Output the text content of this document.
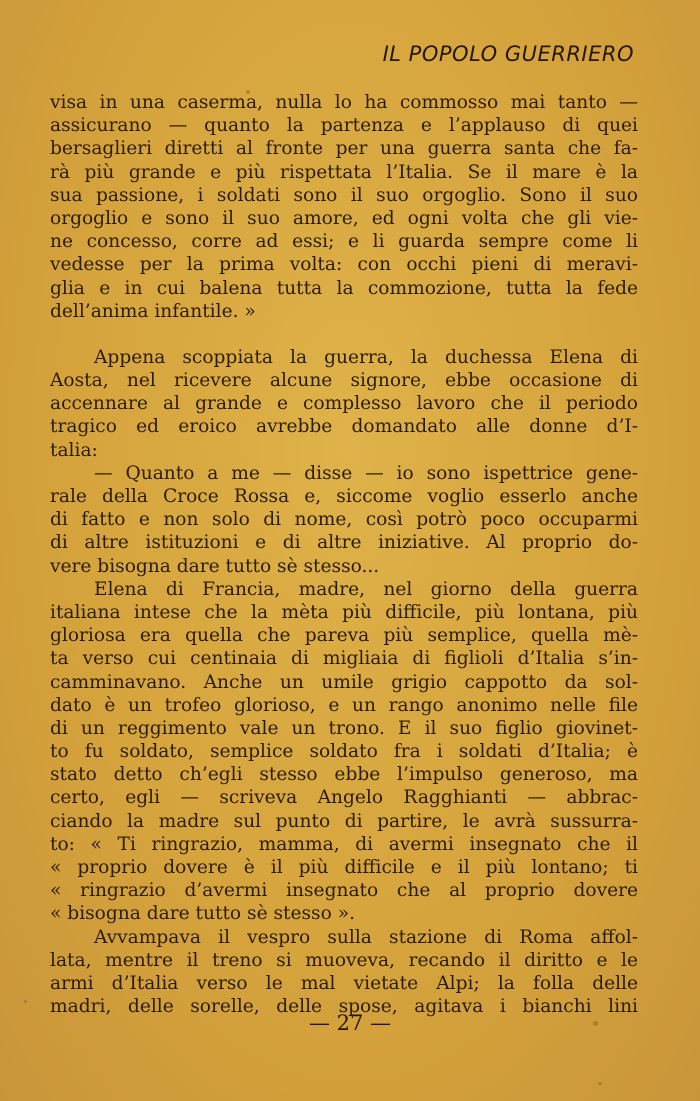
IL POPOLO GUERRIERO
visa in una caserma, nulla lo ha commosso mai tanto —
assicurano — quanto la partenza e l’applauso di quei
bersaglieri diretti al fronte per una guerra santa che fa-
rà più grande e più rispettata l’Italia. Se il mare è la
sua passione, i soldati sono il suo orgoglio. Sono il suo
orgoglio e sono il suo amore, ed ogni volta che gli vie-
ne concesso, corre ad essi; e li guarda sempre come li
vedesse per la prima volta: con occhi pieni di meravi-
glia e in cui balena tutta la commozione, tutta la fede
dell’anima infantile. »
Appena scoppiata la guerra, la duchessa Elena di
Aosta, nel ricevere alcune signore, ebbe occasione di
accennare al grande e complesso lavoro che il periodo
tragico ed eroico avrebbe domandato alle donne d’I-
talia:
— Quanto a me — disse — io sono ispettrice gene-
rale della Croce Rossa e, siccome voglio esserlo anche
di fatto e non solo di nome, così potrò poco occuparmi
di altre istituzioni e di altre iniziative. Al proprio do-
vere bisogna dare tutto sè stesso...
Elena di Francia, madre, nel giorno della guerra
italiana intese che la mèta più difficile, più lontana, più
gloriosa era quella che pareva più semplice, quella mè-
ta verso cui centinaia di migliaia di figlioli d’Italia s’in-
camminavano. Anche un umile grigio cappotto da sol-
dato è un trofeo glorioso, e un rango anonimo nelle file
di un reggimento vale un trono. E il suo figlio giovinet-
to fu soldato, semplice soldato fra i soldati d’Italia; è
stato detto ch’egli stesso ebbe l’impulso generoso, ma
certo, egli — scriveva Angelo Ragghianti — abbrac-
ciando la madre sul punto di partire, le avrà sussurra-
to: « Ti ringrazio, mamma, di avermi insegnato che il
« proprio dovere è il più difficile e il più lontano; ti
« ringrazio d’avermi insegnato che al proprio dovere
« bisogna dare tutto sè stesso ».
Avvampava il vespro sulla stazione di Roma affol-
lata, mentre il treno si muoveva, recando il diritto e le
armi d’Italia verso le mal vietate Alpi; la folla delle
madri, delle sorelle, delle spose, agitava i bianchi lini
— 27 —
